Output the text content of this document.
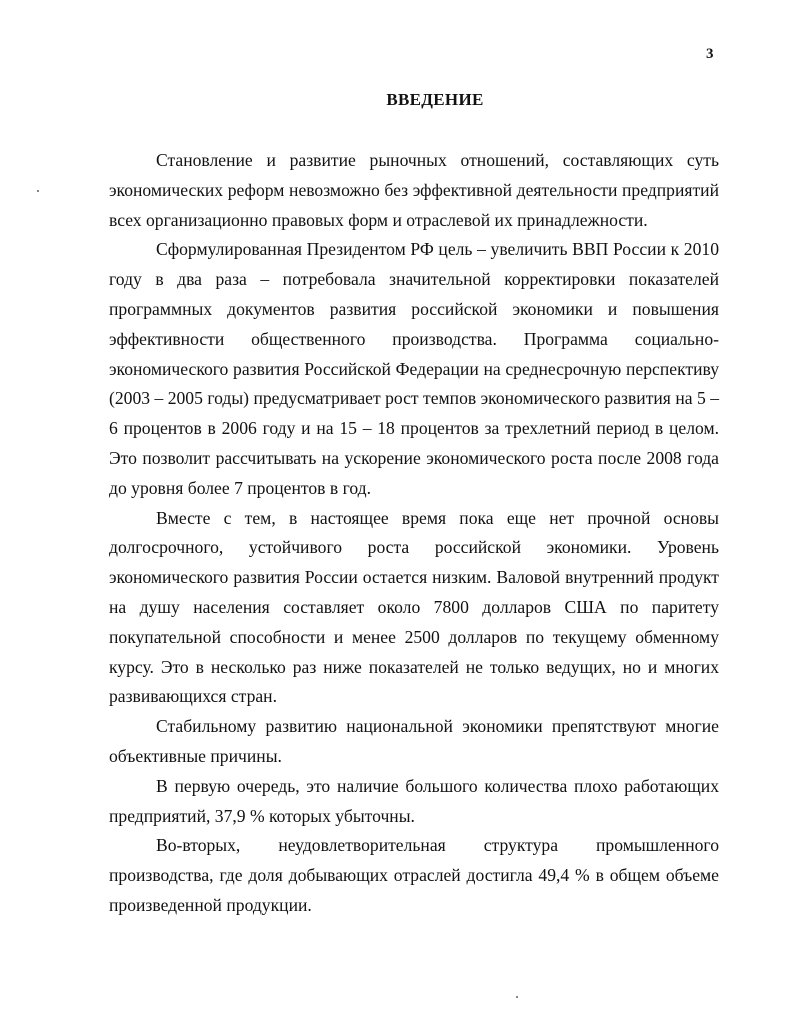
3
ВВЕДЕНИЕ

Становление и развитие рыночных отношений, составляющих суть экономических реформ невозможно без эффективной деятельности предприятий всех организационно правовых форм и отраслевой их принадлежности.

Сформулированная Президентом РФ цель – увеличить ВВП России к 2010 году в два раза – потребовала значительной корректировки показателей программных документов развития российской экономики и повышения эффективности общественного производства. Программа социально-экономического развития Российской Федерации на среднесрочную перспективу (2003 – 2005 годы) предусматривает рост темпов экономического развития на 5 – 6 процентов в 2006 году и на 15 – 18 процентов за трехлетний период в целом. Это позволит рассчитывать на ускорение экономического роста после 2008 года до уровня более 7 процентов в год.

Вместе с тем, в настоящее время пока еще нет прочной основы долгосрочного, устойчивого роста российской экономики. Уровень экономического развития России остается низким. Валовой внутренний продукт на душу населения составляет около 7800 долларов США по паритету покупательной способности и менее 2500 долларов по текущему обменному курсу. Это в несколько раз ниже показателей не только ведущих, но и многих развивающихся стран.

Стабильному развитию национальной экономики препятствуют многие объективные причины.

В первую очередь, это наличие большого количества плохо работающих предприятий, 37,9 % которых убыточны.

Во-вторых, неудовлетворительная структура промышленного производства, где доля добывающих отраслей достигла 49,4 % в общем объеме произведенной продукции.
